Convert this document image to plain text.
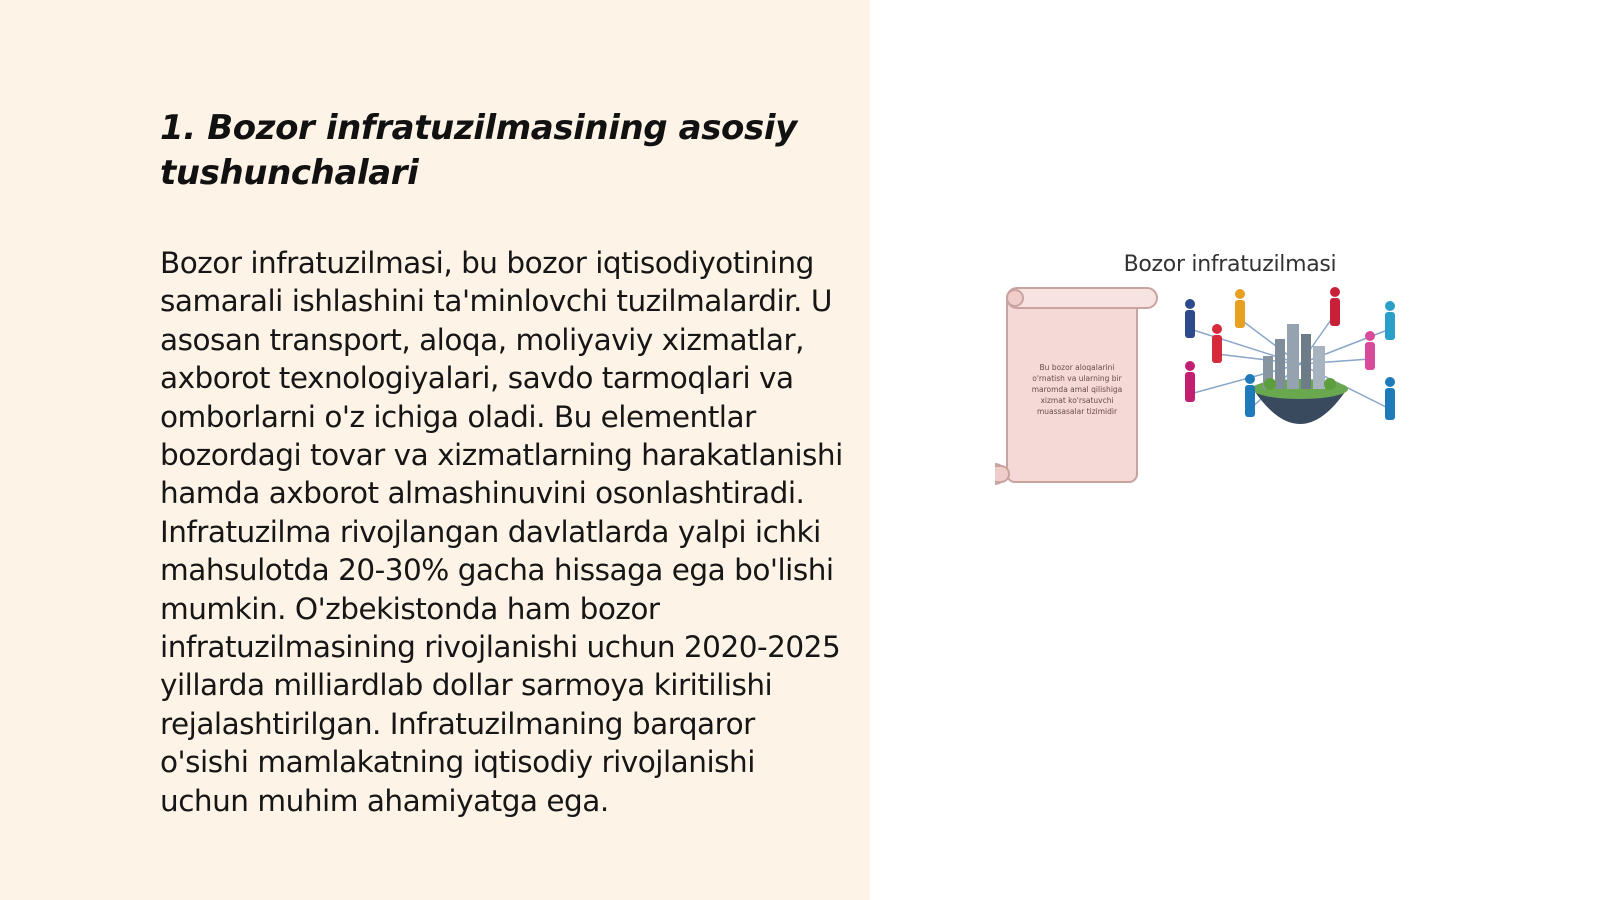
1. Bozor infratuzilmasining asosiy tushunchalari

Bozor infratuzilmasi, bu bozor iqtisodiyotining samarali ishlashini ta'minlovchi tuzilmalardir. U asosan transport, aloqa, moliyaviy xizmatlar, axborot texnologiyalari, savdo tarmoqlari va omborlarni o'z ichiga oladi. Bu elementlar bozordagi tovar va xizmatlarning harakatlanishi hamda axborot almashinuvini osonlashtiradi. Infratuzilma rivojlangan davlatlarda yalpi ichki mahsulotda 20-30% gacha hissaga ega bo'lishi mumkin. O'zbekistonda ham bozor infratuzilmasining rivojlanishi uchun 2020-2025 yillarda milliardlab dollar sarmoya kiritilishi rejalashtirilgan. Infratuzilmaning barqaror o'sishi mamlakatning iqtisodiy rivojlanishi uchun muhim ahamiyatga ega.

Bozor infratuzilmasi
Bu bozor aloqalarini o'rnatish va ularning bir maromda amal qilishiga xizmat ko'rsatuvchi muassasalar tizimidir
